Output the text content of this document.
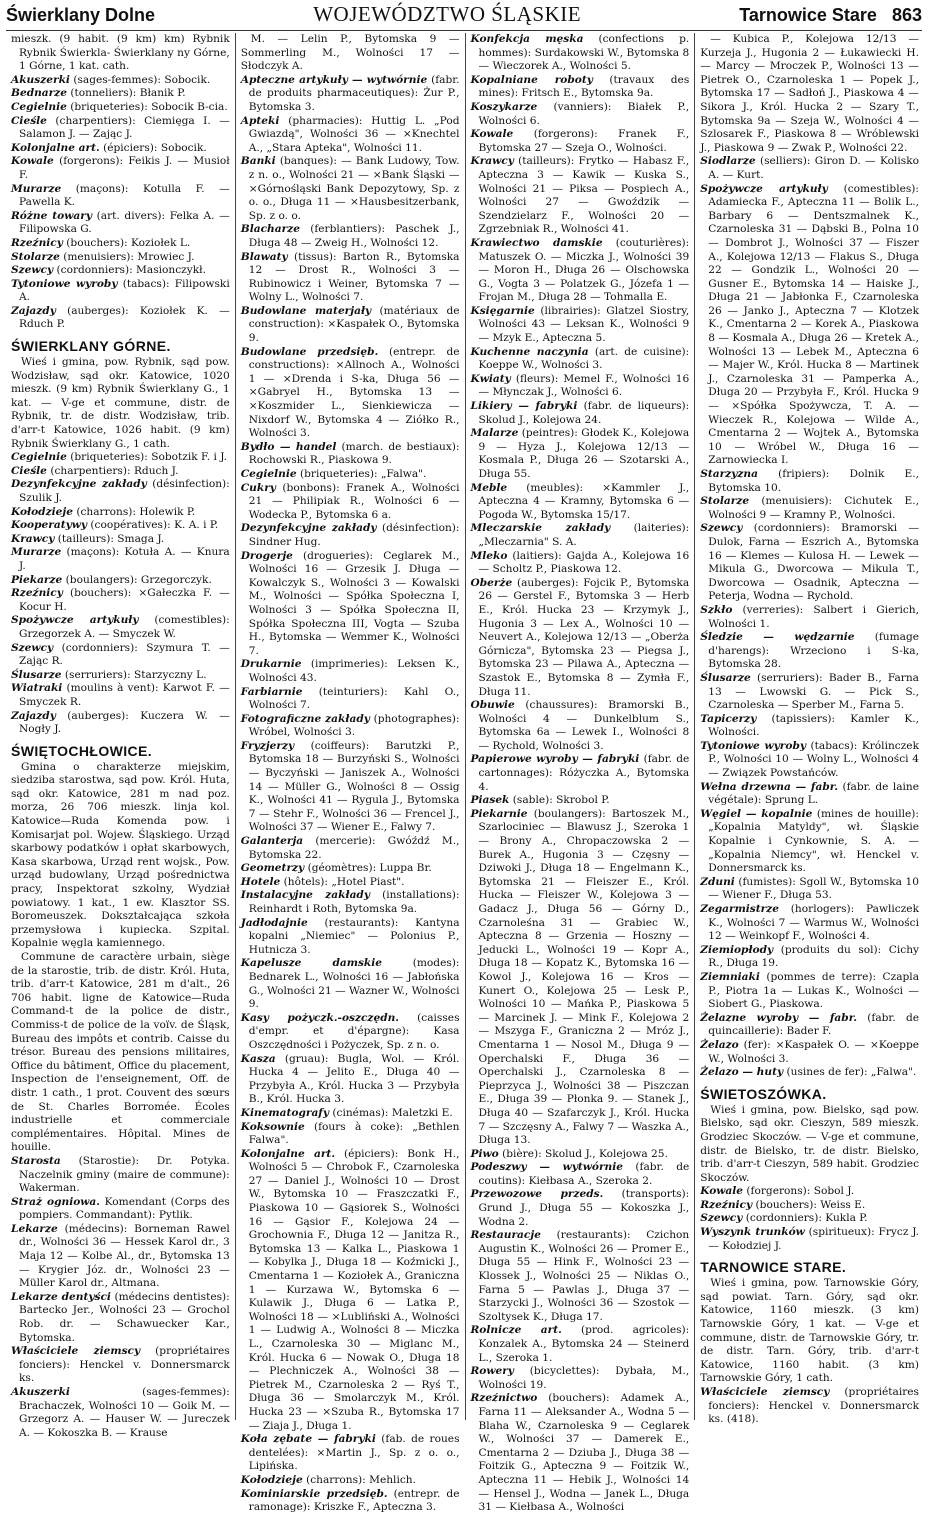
Świerklany Dolne	WOJEWÓDZTWO ŚLĄSKIE	Tarnowice Stare 863

mieszk. (9 habit. (9 km) km) Rybnik Rybnik Świerkla- Świerklany ny Górne, 1 Górne, 1 kat. cath.

Akuszerki (sages-femmes): Sobocik.

Bednarze (tonneliers): Błanik P.

Cegielnie (briqueteries): Sobocik B-cia.

Cieśle (charpentiers): Ciemięga I. — Salamon J. — Zając J.

Kolonjalne art. (épiciers): Sobocik.

Kowale (forgerons): Feikis J. — Musioł F.

Murarze (maçons): Kotulla F. — Pawella K.

Różne towary (art. divers): Felka A. — Filipowska G.

Rzeźnicy (bouchers): Koziołek L.

Stolarze (menuisiers): Mrowiec J.

Szewcy (cordonniers): Masionczykł.

Tytoniowe wyroby (tabacs): Filipowski A.

Zajazdy (auberges): Koziołek K. — Rduch P.

ŚWIERKLANY GÓRNE.

Wieś i gmina, pow. Rybnik, sąd pow. Wodzisław, sąd okr. Katowice, 1020 mieszk. (9 km) Rybnik Świerklany G., 1 kat. — V-ge et commune, distr. de Rybnik, tr. de distr. Wodzisław, trib. d'arr-t Katowice, 1026 habit. (9 km) Rybnik Świerklany G., 1 cath.

Cegielnie (briqueteries): Sobotzik F. i J.

Cieśle (charpentiers): Rduch J.

Dezynfekcyjne zakłady (désinfection): Szulik J.

Kołodzieje (charrons): Holewik P.

Kooperatywy (coopératives): K. A. i P.

Krawcy (tailleurs): Smaga J.

Murarze (maçons): Kotuła A. — Knura J.

Piekarze (boulangers): Grzegorczyk.

Rzeźnicy (bouchers): ×Gałeczka F. — Kocur H.

Spożywcze artykuły (comestibles): Grzegorzek A. — Smyczek W.

Szewcy (cordonniers): Szymura T. — Zając R.

Ślusarze (serruriers): Starzyczny L.

Wiatraki (moulins à vent): Karwot F. — Smyczek R.

Zajazdy (auberges): Kuczera W. — Nogły J.

ŚWIĘTOCHŁOWICE.

Gmina o charakterze miejskim, siedziba starostwa, sąd pow. Król. Huta, sąd okr. Katowice, 281 m nad poz. morza, 26 706 mieszk. linja kol. Katowice—Ruda Komenda pow. i Komisarjat pol. Wojew. Śląskiego. Urząd skarbowy podatków i opłat skarbowych, Kasa skarbowa, Urząd rent wojsk., Pow. urząd budowlany, Urząd pośrednictwa pracy, Inspektorat szkolny, Wydział powiatowy. 1 kat., 1 ew. Klasztor SS. Boromeuszek. Dokształcająca szkoła przemysłowa i kupiecka. Szpital. Kopalnie węgla kamiennego.

Commune de caractère urbain, siège de la starostie, trib. de distr. Król. Huta, trib. d'arr-t Katowice, 281 m d'alt., 26 706 habit. ligne de Katowice—Ruda Command-t de la police de distr., Commiss-t de police de la voïv. de Śląsk, Bureau des impôts et contrib. Caisse du trésor. Bureau des pensions militaires, Office du bâtiment, Office du placement, Inspection de l'enseignement, Off. de distr. 1 cath., 1 prot. Couvent des sœurs de St. Charles Borromée. Écoles industrielle et commerciale complémentaires. Hôpital. Mines de houille.

Starosta (Starostie): Dr. Potyka. Naczelnik gminy (maire de commune): Wakerman.

Straż ogniowa. Komendant (Corps des pompiers. Commandant): Pytlik.

Lekarze (médecins): Borneman Rawel dr., Wolności 36 — Hessek Karol dr., 3 Maja 12 — Kolbe Al., dr., Bytomska 13 — Krygier Józ. dr., Wolności 23 — Müller Karol dr., Altmana.

Lekarze dentyści (médecins dentistes): Bartecko Jer., Wolności 23 — Grochol Rob. dr. — Schawuecker Kar., Bytomska.

Właściciele ziemscy (propriétaires fonciers): Henckel v. Donnersmarck ks.

Akuszerki	(sages-femmes): Brachaczek, Wolności 10 — Goik M. — Grzegorz A. — Hauser W. — Jureczek A. — Kokoszka B. — Krause

M. — Lelin P., Bytomska 9 — Sommerling M., Wolności 17 — Słodczyk A.

Apteczne artykuły — wytwórnie (fabr. de produits pharmaceutiques): Żur P., Bytomska 3.

Apteki (pharmacies): Huttig L. „Pod Gwiazdą", Wolności 36 — ×Knechtel A., „Stara Apteka", Wolności 11.

Banki (banques): — Bank Ludowy, Tow. z n. o., Wolności 21 — ×Bank Śląski — ×Górnośląski Bank Depozytowy, Sp. z o. o., Długa 11 — ×Hausbesitzerbank, Sp. z o. o.

Blacharze (ferblantiers): Paschek J., Długa 48 — Zweig H., Wolności 12.

Blawaty (tissus): Barton R., Bytomska 12 — Drost R., Wolności 3 — Rubinowicz i Weiner, Bytomska 7 — Wolny L., Wolności 7.

Budowlane materjały (matériaux de construction): ×Kaspałek O., Bytomska 9.

Budowlane przedsięb. (entrepr. de constructions): ×Allnoch A., Wolności 1 — ×Drenda i S-ka, Długa 56 — ×Gabryel H., Bytomska 13 — ×Koszmider L., Sienkiewicza — Nixdorf W., Bytomska 4 — Ziółko R., Wolności 3.

Bydło — handel (march. de bestiaux): Rochowski R., Piaskowa 9.

Cegielnie (briqueteries): „Falwa".

Cukry (bonbons): Franek A., Wolności 21 — Philipiak R., Wolności 6 — Wodecka P., Bytomska 6 a.

Dezynfekcyjne zakłady (désinfection): Sindner Hug.

Drogerje (drogueries): Ceglarek M., Wolności 16 — Grzesik J. Długa — Kowalczyk S., Wolności 3 — Kowalski M., Wolności — Spółka Społeczna I, Wolności 3 — Spółka Społeczna II, Spółka Społeczna III, Vogta — Szuba H., Bytomska — Wemmer K., Wolności 7.

Drukarnie (imprimeries): Leksen K., Wolności 43.

Farbiarnie (teinturiers): Kahl O., Wolności 7.

Fotograficzne zakłady (photographes): Wróbel, Wolności 3.

Fryzjerzy (coiffeurs): Barutzki P., Bytomska 18 — Burzyński S., Wolności — Byczyński — Janiszek A., Wolności 14 — Müller G., Wolności 8 — Ossig K., Wolności 41 — Rygula J., Bytomska 7 — Stehr F., Wolności 36 — Frencel J., Wolności 37 — Wiener E., Falwy 7.

Galanterja (mercerie): Gwóźdź M., Bytomska 22.

Geometrzy (géomètres): Luppa Br.

Hotele (hôtels): „Hotel Piast".

Instalacyjne zakłady (installations): Reinhardt i Roth, Bytomska 9a.

Jadłodajnie (restaurants): Kantyna kopalni „Niemiec" — Polonius P., Hutnicza 3.

Kapelusze damskie	(modes): Bednarek L., Wolności 16 — Jabłońska G., Wolności 21 — Wazner W., Wolności 9.

Kasy pożyczk.-oszczędn. (caisses d'empr. et d'épargne): Kasa Oszczędności i Pożyczek, Sp. z n. o.

Kasza (gruau): Bugla, Wol. — Król. Hucka 4 — Jelito E., Długa 40 — Przybyła A., Król. Hucka 3 — Przybyła B., Król. Hucka 3.

Kinematografy (cinémas): Maletzki E.

Koksownie (fours à coke): „Bethlen Falwa".

Kolonjalne art. (épiciers): Bonk H., Wolności 5 — Chrobok F., Czarnoleska 27 — Daniel J., Wolności 10 — Drost W., Bytomska 10 — Fraszczatki F., Piaskowa 10 — Gąsiorek S., Wolności 16 — Gąsior F., Kolejowa 24 — Grochownia F., Długa 12 — Janitza R., Bytomska 13 — Kalka L., Piaskowa 1 — Kobylka J., Długa 18 — Koźmicki J., Cmentarna 1 — Koziołek A., Graniczna 1 — Kurzawa W., Bytomska 6 — Kulawik J., Długa 6 — Latka P., Wolności 18 — ×Lubliński A., Wolności 1 — Ludwig A., Wolności 8 — Miczka L., Czarnoleska 30 — Miglanc M., Król. Hucka 6 — Nowak O., Długa 18 — Plechniczek A., Wolności 38 — Pietrek M., Czarnoleska 2 — Ryś T., Długa 36 — Smolarczyk M., Król. Hucka 23 — ×Szuba R., Bytomska 17 — Ziaja J., Długa 1.

Koła zębate — fabryki (fab. de roues dentelées): ×Martin J., Sp. z o. o., Lipińska.

Kołodzieje (charrons): Mehlich.

Kominiarskie przedsięb. (entrepr. de ramonage): Kriszke F., Apteczna 3.

Konfekcja męska (confections p. hommes): Surdakowski W., Bytomska 8 — Wieczorek A., Wolności 5.

Kopalniane roboty (travaux des mines): Fritsch E., Bytomska 9a.

Koszykarze (vanniers): Białek P., Wolności 6.

Kowale (forgerons): Franek F., Bytomska 27 — Szeja O., Wolności.

Krawcy (tailleurs): Frytko — Habasz F., Apteczna 3 — Kawik — Kuska S., Wolności 21 — Piksa — Pospiech A., Wolności 27 — Gwoździk — Szendzielarz F., Wolności 20 — Zgrzebniak R., Wolności 41.

Krawiectwo damskie (couturières): Matuszek O. — Miczka J., Wolności 39 — Moron H., Długa 26 — Olschowska G., Vogta 3 — Polatzek G., Józefa 1 — Frojan M., Długa 28 — Tohmalla E.

Księgarnie (librairies): Glatzel Siostry, Wolności 43 — Leksan K., Wolności 9 — Mzyk E., Apteczna 5.

Kuchenne naczynia (art. de cuisine): Koeppe W., Wolności 3.

Kwiaty (fleurs): Memel F., Wolności 16 — Młynczak J., Wolności 6.

Likiery — fabryki (fabr. de liqueurs): Skolud J., Kolejowa 24.

Malarze (peintres): Głodek K., Kolejowa 9 — Hyza J., Kolejowa 12/13 — Kosmala P., Długa 26 — Szotarski A., Długa 55.

Meble (meubles): ×Kammler J., Apteczna 4 — Kramny, Bytomska 6 — Pogoda W., Bytomska 15/17.

Mleczarskie zakłady (laiteries): „Mleczarnia" S. A.

Mleko (laitiers): Gajda A., Kolejowa 16 — Scholtz P., Piaskowa 12.

Oberże (auberges): Fojcik P., Bytomska 26 — Gerstel F., Bytomska 3 — Herb E., Król. Hucka 23 — Krzymyk J., Hugonia 3 — Lex A., Wolności 10 — Neuvert A., Kolejowa 12/13 — „Oberża Górnicza", Bytomska 23 — Piegsa J., Bytomska 23 — Pilawa A., Apteczna — Szastok E., Bytomska 8 — Zymła F., Długa 11.

Obuwie (chaussures): Bramorski B., Wolności 4 — Dunkelblum S., Bytomska 6a — Lewek I., Wolności 8 — Rychold, Wolności 3.

Papierowe wyroby — fabryki (fabr. de cartonnages): Różyczka A., Bytomska 4.

Piasek (sable): Skrobol P.

Piekarnie (boulangers): Bartoszek M., Szarlociniec — Blawusz J., Szeroka 1 — Brony A., Chropaczowska 2 — Burek A., Hugonia 3 — Częsny — Dziwoki J., Długa 18 — Engelmann K., Bytomska 21 — Fleiszer E., Król. Hucka — Fleiszer W., Kolejowa 3 — Gadacz J., Długa 56 — Górny D., Czarnoleśna 31 — Grabiec W., Apteczna 8 — Grzenia — Hoszny — Jeducki L., Wolności 19 — Kopr A., Długa 18 — Kopatz K., Bytomska 16 — Kowol J., Kolejowa 16 — Kros — Kunert O., Kolejowa 25 — Lesk P., Wolności 10 — Mańka P., Piaskowa 5 — Marcinek J. — Mink F., Kolejowa 2 — Mszyga F., Graniczna 2 — Mróz J., Cmentarna 1 — Nosol M., Długa 9 — Operchalski F., Długa 36 — Operchalski J., Czarnoleska 8 — Pieprzyca J., Wolności 38 — Piszczan E., Długa 39 — Płonka 9. — Stanek J., Długa 40 — Szafarczyk J., Król. Hucka 7 — Szczęsny A., Falwy 7 — Waszka A., Długa 13.

Piwo (bière): Skolud J., Kolejowa 25.

Podeszwy — wytwórnie (fabr. de coutins): Kiełbasa A., Szeroka 2.

Przewozowe przeds. (transports): Grund J., Długa 55 — Kokoszka J., Wodna 2.

Restauracje (restaurants): Czichon Augustin K., Wolności 26 — Promer E., Długa 55 — Hink F., Wolności 23 — Klossek J., Wolności 25 — Niklas O., Farna 5 — Pawlas J., Długa 37 — Starzycki J., Wolności 36 — Szostok — Szoltysek K., Długa 17.

Rolnicze art. (prod. agricoles): Konzalek A., Bytomska 24 — Steinerd L., Szeroka 1.

Rowery (bicyclettes): Dybała, M., Wolności 19.

Rzeźnictwo (bouchers): Adamek A., Farna 11 — Aleksander A., Wodna 5 — Blaha W., Czarnoleska 9 — Ceglarek W., Wolności 37 — Damerek E., Cmentarna 2 — Dziuba J., Długa 38 — Foitzik G., Apteczna 9 — Foitzik W., Apteczna 11 — Hebik J., Wolności 14 — Hensel J., Wodna — Janek L., Długa 31 — Kiełbasa A., Wolności

— Kubica P., Kolejowa 12/13 — Kurzeja J., Hugonia 2 — Łukawiecki H. — Marcy — Mroczek P., Wolności 13 — Pietrek O., Czarnoleska 1 — Popek J., Bytomska 17 — Sadłoń J., Piaskowa 4 — Sikora J., Król. Hucka 2 — Szary T., Bytomska 9a — Szeja W., Wolności 4 — Szlosarek F., Piaskowa 8 — Wróblewski J., Piaskowa 9 — Zwak P., Wolności 22.

Siodlarze (selliers): Giron D. — Kolisko A. — Kurt.

Spożywcze artykuły (comestibles): Adamiecka F., Apteczna 11 — Bolik L., Barbary 6 — Dentszmalnek K., Czarnoleska 31 — Dąbski B., Polna 10 — Dombrot J., Wolności 37 — Fiszer A., Kolejowa 12/13 — Flakus S., Długa 22 — Gondzik L., Wolności 20 — Gusner E., Bytomska 14 — Haiske J., Długa 21 — Jabłonka F., Czarnoleska 26 — Janko J., Apteczna 7 — Klotzek K., Cmentarna 2 — Korek A., Piaskowa 8 — Kosmala A., Długa 26 — Kretek A., Wolności 13 — Lebek M., Apteczna 6 — Majer W., Król. Hucka 8 — Martinek J., Czarnoleska 31 — Pamperka A., Długa 20 — Przybyła F., Król. Hucka 9 — ×Spółka Spożywcza, T. A. — Wieczek R., Kolejowa — Wilde A., Cmentarna 2 — Wojtek A., Bytomska 10 — Wróbel W., Długa 16 — Zarnowiecka I.

Starzyzna (fripiers): Dolnik E., Bytomska 10.

Stolarze (menuisiers): Cichutek E., Wolności 9 — Kramny P., Wolności.

Szewcy (cordonniers): Bramorski — Dulok, Farna — Eszrich A., Bytomska 16 — Klemes — Kulosa H. — Lewek — Mikula G., Dworcowa — Mikula T., Dworcowa — Osadnik, Apteczna — Peterja, Wodna — Rychold.

Szkło (verreries): Salbert i Gierich, Wolności 1.

Śledzie — wędzarnie (fumage d'harengs): Wrzeciono i S-ka, Bytomska 28.

Ślusarze (serruriers): Bader B., Farna 13 — Lwowski G. — Pick S., Czarnoleska — Sperber M., Farna 5.

Tapicerzy (tapissiers): Kamler K., Wolności.

Tytoniowe wyroby (tabacs): Królinczek P., Wolności 10 — Wolny L., Wolności 4 — Związek Powstańców.

Wełna drzewna — fabr. (fabr. de laine végétale): Sprung L.

Węgiel — kopalnie (mines de houille): „Kopalnia Matyldy", wł. Śląskie Kopalnie i Cynkownie, S. A. — „Kopalnia Niemcy", wł. Henckel v. Donnersmarck ks.

Zduni (fumistes): Sgoll W., Bytomska 10 — Wiener F., Długa 53.

Zegarmistrze (horlogers): Pawliczek K., Wolności 7 — Warmus W., Wolności 12 — Weinkopf F., Wolności 4.

Ziemiopłody (produits du sol): Cichy R., Długa 19.

Ziemniaki (pommes de terre): Czapla P., Piotra 1a — Lukas K., Wolności — Siobert G., Piaskowa.

Żelazne wyroby — fabr. (fabr. de quincaillerie): Bader F.

Żelazo (fer): ×Kaspałek O. — ×Koeppe W., Wolności 3.

Żelazo — huty (usines de fer): „Falwa".

ŚWIETOSZÓWKA.

Wieś i gmina, pow. Bielsko, sąd pow. Bielsko, sąd okr. Cieszyn, 589 mieszk. Grodziec Skoczów. — V-ge et commune, distr. de Bielsko, tr. de distr. Bielsko, trib. d'arr-t Cieszyn, 589 habit. Grodziec Skoczów.

Kowale (forgerons): Sobol J.

Rzeźnicy (bouchers): Weiss E.

Szewcy (cordonniers): Kukla P.

Wyszynk trunków (spiritueux): Frycz J. — Kołodziej J.

TARNOWICE STARE.

Wieś i gmina, pow. Tarnowskie Góry, sąd powiat. Tarn. Góry, sąd okr. Katowice, 1160 mieszk. (3 km) Tarnowskie Góry, 1 kat. — V-ge et commune, distr. de Tarnowskie Góry, tr. de distr. Tarn. Góry, trib. d'arr-t Katowice, 1160 habit. (3 km) Tarnowskie Góry, 1 cath.

Właściciele ziemscy (propriétaires fonciers): Henckel v. Donnersmarck ks. (418).
